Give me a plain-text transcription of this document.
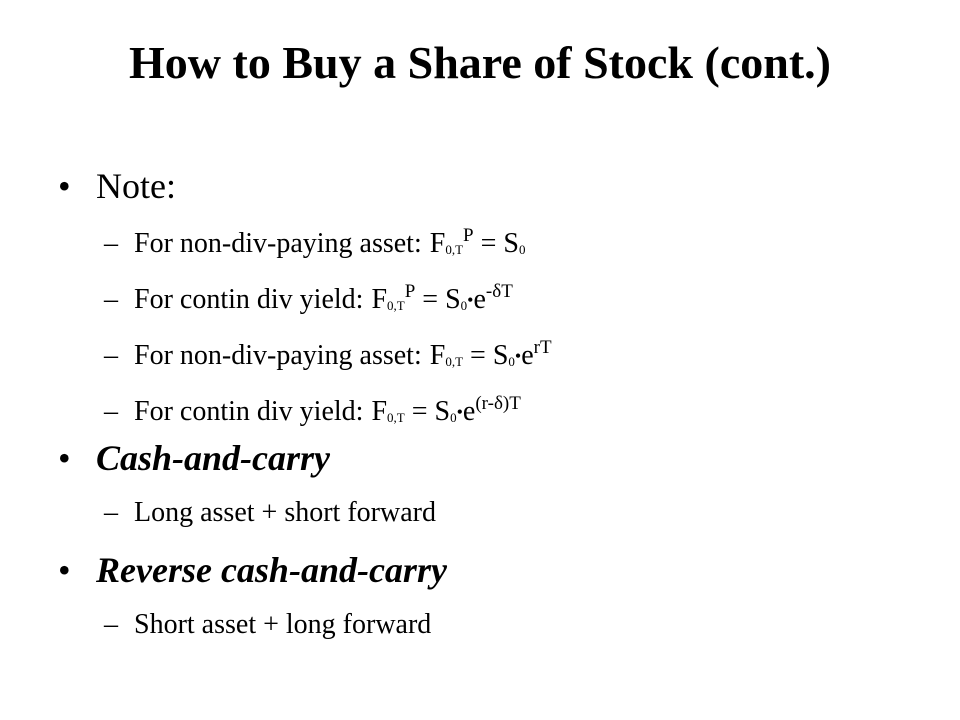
How to Buy a Share of Stock (cont.)
• Note:
– For non-div-paying asset: $F0,T^P = S0$
– For contin div yield: $F0,T^P$ = $S0•e^{-\delta T}$
– For non-div-paying asset: $F0,T = S0•e^{rT}$
– For contin div yield: $F0,T = S0•e^{(r-\delta)T}$
• Cash-and-carry
– Long asset + short forward
• Reverse cash-and-carry
– Short asset + long forward
